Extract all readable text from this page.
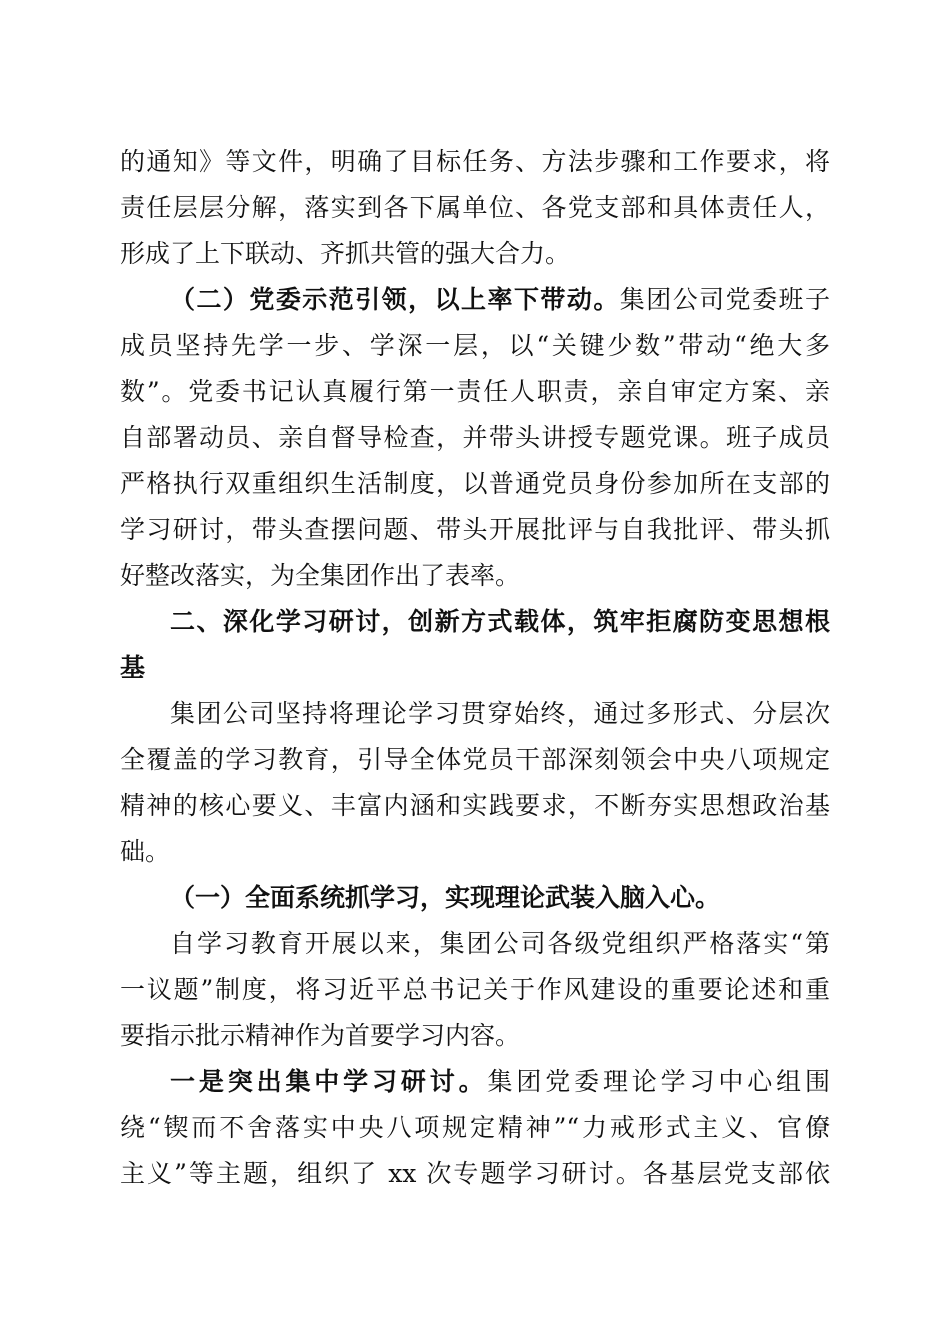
的通知》等文件，明确了目标任务、方法步骤和工作要求，将
责任层层分解，落实到各下属单位、各党支部和具体责任人，
形成了上下联动、齐抓共管的强大合力。
（二）党委示范引领，以上率下带动。集团公司党委班子
成员坚持先学一步、学深一层，以“关键少数”带动“绝大多
数”。党委书记认真履行第一责任人职责，亲自审定方案、亲
自部署动员、亲自督导检查，并带头讲授专题党课。班子成员
严格执行双重组织生活制度，以普通党员身份参加所在支部的
学习研讨，带头查摆问题、带头开展批评与自我批评、带头抓
好整改落实，为全集团作出了表率。
二、深化学习研讨，创新方式载体，筑牢拒腐防变思想根
基
集团公司坚持将理论学习贯穿始终，通过多形式、分层次
全覆盖的学习教育，引导全体党员干部深刻领会中央八项规定
精神的核心要义、丰富内涵和实践要求，不断夯实思想政治基
础。
（一）全面系统抓学习，实现理论武装入脑入心。
自学习教育开展以来，集团公司各级党组织严格落实“第
一议题”制度，将习近平总书记关于作风建设的重要论述和重
要指示批示精神作为首要学习内容。
一是突出集中学习研讨。集团党委理论学习中心组围
绕“锲而不舍落实中央八项规定精神”“力戒形式主义、官僚
主义”等主题，组织了 xx 次专题学习研讨。各基层党支部依
